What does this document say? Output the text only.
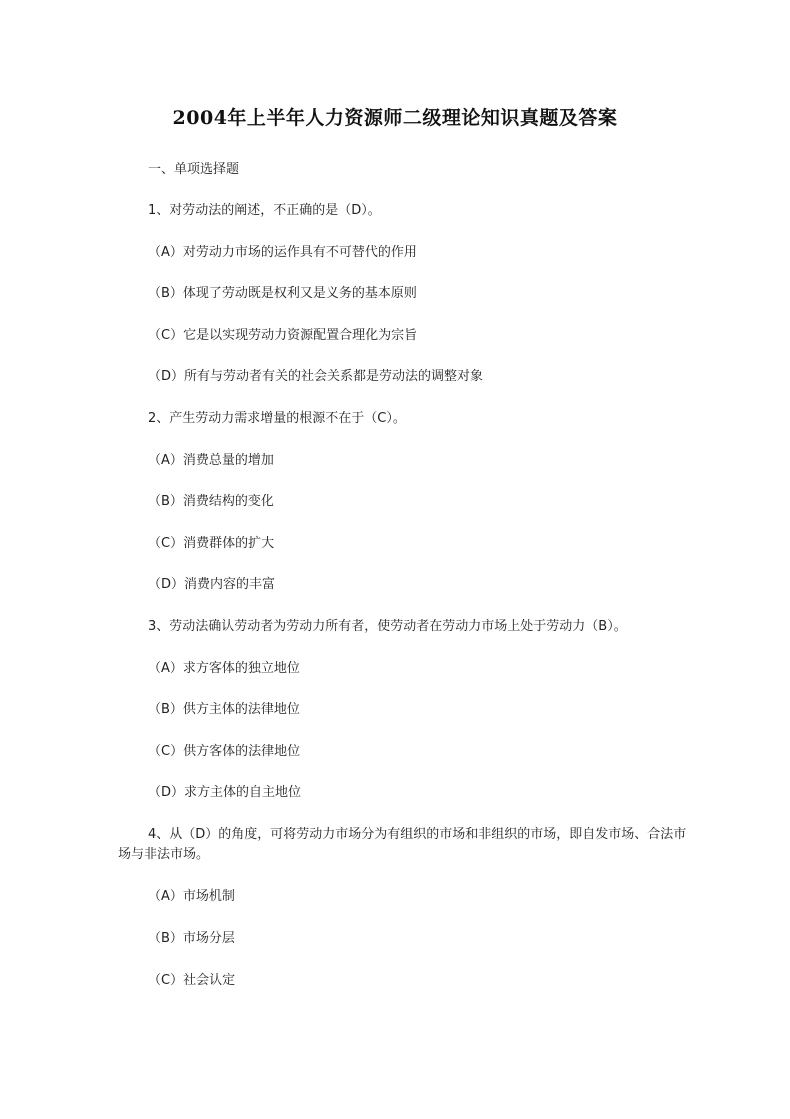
2004年上半年人力资源师二级理论知识真题及答案
一、单项选择题
1、对劳动法的阐述，不正确的是（D）。
（A）对劳动力市场的运作具有不可替代的作用
（B）体现了劳动既是权利又是义务的基本原则
（C）它是以实现劳动力资源配置合理化为宗旨
（D）所有与劳动者有关的社会关系都是劳动法的调整对象
2、产生劳动力需求增量的根源不在于（C）。
（A）消费总量的增加
（B）消费结构的变化
（C）消费群体的扩大
（D）消费内容的丰富
3、劳动法确认劳动者为劳动力所有者，使劳动者在劳动力市场上处于劳动力（B）。
（A）求方客体的独立地位
（B）供方主体的法律地位
（C）供方客体的法律地位
（D）求方主体的自主地位
4、从（D）的角度，可将劳动力市场分为有组织的市场和非组织的市场，即自发市场、合法市场与非法市场。
（A）市场机制
（B）市场分层
（C）社会认定
